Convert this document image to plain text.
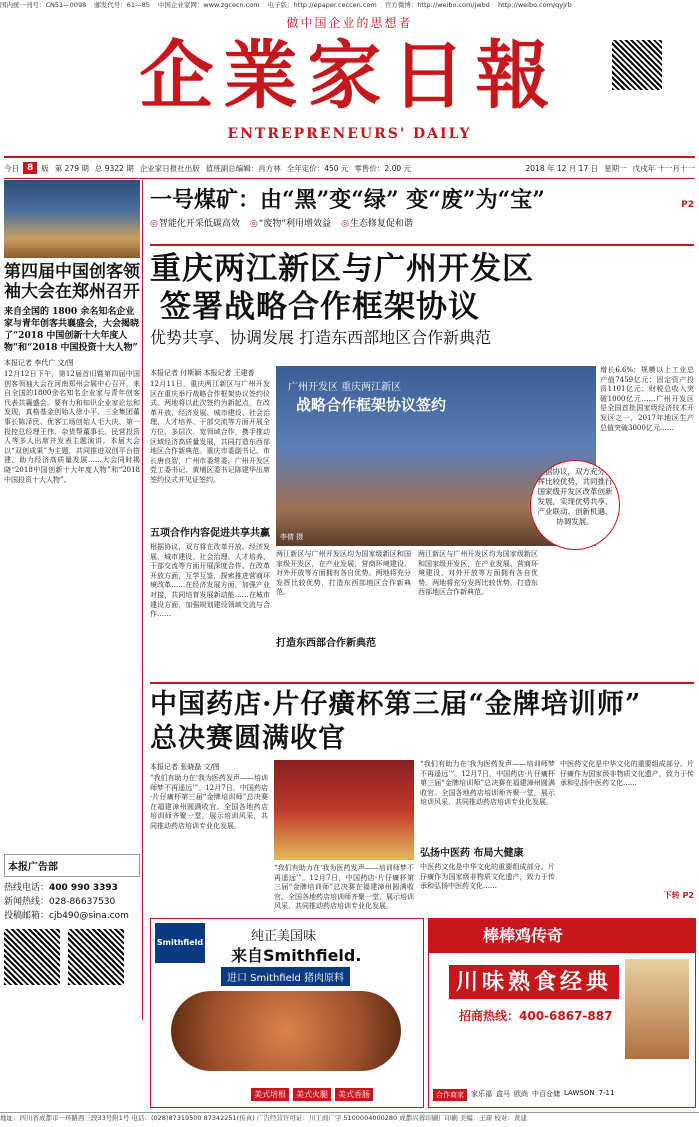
国内统一刊号：CN51—0098 邮发代号：61—85 中国企业家网：www.zgcecn.com 电子版：http://epaper.ceccen.com 官方微博：http://weibo.com/jwbd http://weibo.com/qyjrb
做中国企业的思想者
企業家日報
ENTREPRENEURS' DAILY
今日 8	版 第 279 期 总 9322 期 企业家日报社出版 值班副总编辑：肖方林 全年定价：450 元 零售价：2.00 元	2018 年 12 月 17 日 星期一 戊戌年 十一月十一
第四届中国创客领袖大会在郑州召开
来自全国的 1800 余名知名企业家与青年创客共襄盛会，大会揭晓了“2018 中国创新十大年度人物”和“2018 中国投资十大人物”
本报记者 李代广 文/图
12月12日下午，第12届首旧暨第四届中国创客领袖大会在河南郑州会展中心召开，来自全国的1800余名知名企业家与青年创客代表共襄盛会。要有力和知识企业家论坛和发现，真格基金创始人徐小平、三全集团董事长陈泽民、优客工场创始人毛大庆、第一投控总经理王伟、杂货帮董事长、民营投资人等多人出席并发表主题演讲。本届大会以“双创成果”为主题，共同推进双创平台搭建，助力经济高质量发展……大会同时揭晓“2018中国创新十大年度人物”和“2018中国投资十大人物”。
本报广告部
热线电话：400 990 3393
新闻热线：028-86637530
投稿邮箱：cjb490@sina.com
一号煤矿：由“黑”变“绿” 变“废”为“宝”	P2
◎ 智能化开采低碳高效	◎ “废物”利用增效益	◎ 生态修复促和谐
重庆两江新区与广州开发区
签署战略合作框架协议
优势共享、协调发展 打造东西部地区合作新典范
本报记者 付斯颖 本报记者 王建普
12月11日，重庆两江新区与广州开发区在重庆举行战略合作框架协议签约仪式。两地将以此次签约为新起点，在改革开放、经济发展、城市建设、社会治理、人才培养、干部交流等方面开展全方位、多层次、宽领域合作，携手推动区域经济高质量发展，共同打造东西部地区合作新典范。重庆市委副书记、市长唐良智，广州市委常委、广州开发区党工委书记、黄埔区委书记陈建华出席签约仪式并见证签约。
五项合作内容促进共享共赢
根据协议，双方将在改革开放、经济发展、城市建设、社会治理、人才培养、干部交流等方面开展深度合作。在改革开放方面，互学互鉴，探索推进营商环境改革……在经济发展方面，加强产业对接，共同培育发展新动能……在城市建设方面，加强规划建设领域交流与合作……
广州开发区 重庆两江新区
战略合作框架协议签约
李倩 摄
根据协议，双方充分发挥比较优势，共同推行国家级开发区改革创新发展，实现优势共享、产业联动、创新机遇、协调发展。
两江新区与广州开发区均为国家级新区和国家级开发区，在产业发展、营商环境建设、对外开放等方面拥有各自优势。两地将充分发挥比较优势，打造东西部地区合作新典范。
打造东西部合作新典范
两江新区与广州开发区均为国家级新区和国家级开发区，在产业发展、营商环境建设、对外开放等方面拥有各自优势。两地将充分发挥比较优势，打造东西部地区合作新典范。
增长6.6%；规模以上工业总产值7459亿元；固定资产投资1101亿元；财税总收入突破1000亿元……广州开发区是全国首批国家级经济技术开发区之一，2017年地区生产总值突破3000亿元……
中国药店·片仔癀杯第三届“金牌培训师”
总决赛圆满收官
本报记者 张晓磊 文/图
“我们有助力在‘我为医药发声——培训师梦不再遥远’”。12月7日，中国药店·片仔癀杯第三届“金牌培训师”总决赛在福建漳州圆满收官。全国各地药店培训师齐聚一堂，展示培训风采，共同推动药店培训专业化发展。
“我们有助力在‘我为医药发声——培训师梦不再遥远’”。12月7日，中国药店·片仔癀杯第三届“金牌培训师”总决赛在福建漳州圆满收官。全国各地药店培训师齐聚一堂，展示培训风采，共同推动药店培训专业化发展。
“我们有助力在‘我为医药发声——培训师梦不再遥远’”。12月7日，中国药店·片仔癀杯第三届“金牌培训师”总决赛在福建漳州圆满收官。全国各地药店培训师齐聚一堂，展示培训风采，共同推动药店培训专业化发展。
弘扬中医药 布局大健康
中医药文化是中华文化的重要组成部分。片仔癀作为国家级非物质文化遗产，致力于传承和弘扬中医药文化……
中医药文化是中华文化的重要组成部分。片仔癀作为国家级非物质文化遗产，致力于传承和弘扬中医药文化……
下转 P2
Smithfield	纯正美国味
来自Smithfield.
进口 Smithfield 猪肉原料
美式培根	美式火腿	美式香肠
棒棒鸡传奇
川味熟食经典
招商热线：400-6867-887
合作商家	家乐福 盒马 欧尚 中百仓储 LAWSON 7-11
地址：四川省成都市一环路西三段33号附1号 电话：(028)87319500 87342251(传真) 广告经营许可证：川工商广字 5100004000280 成都兴蓉印刷厂印刷 美编：王琛 校对：黄建
